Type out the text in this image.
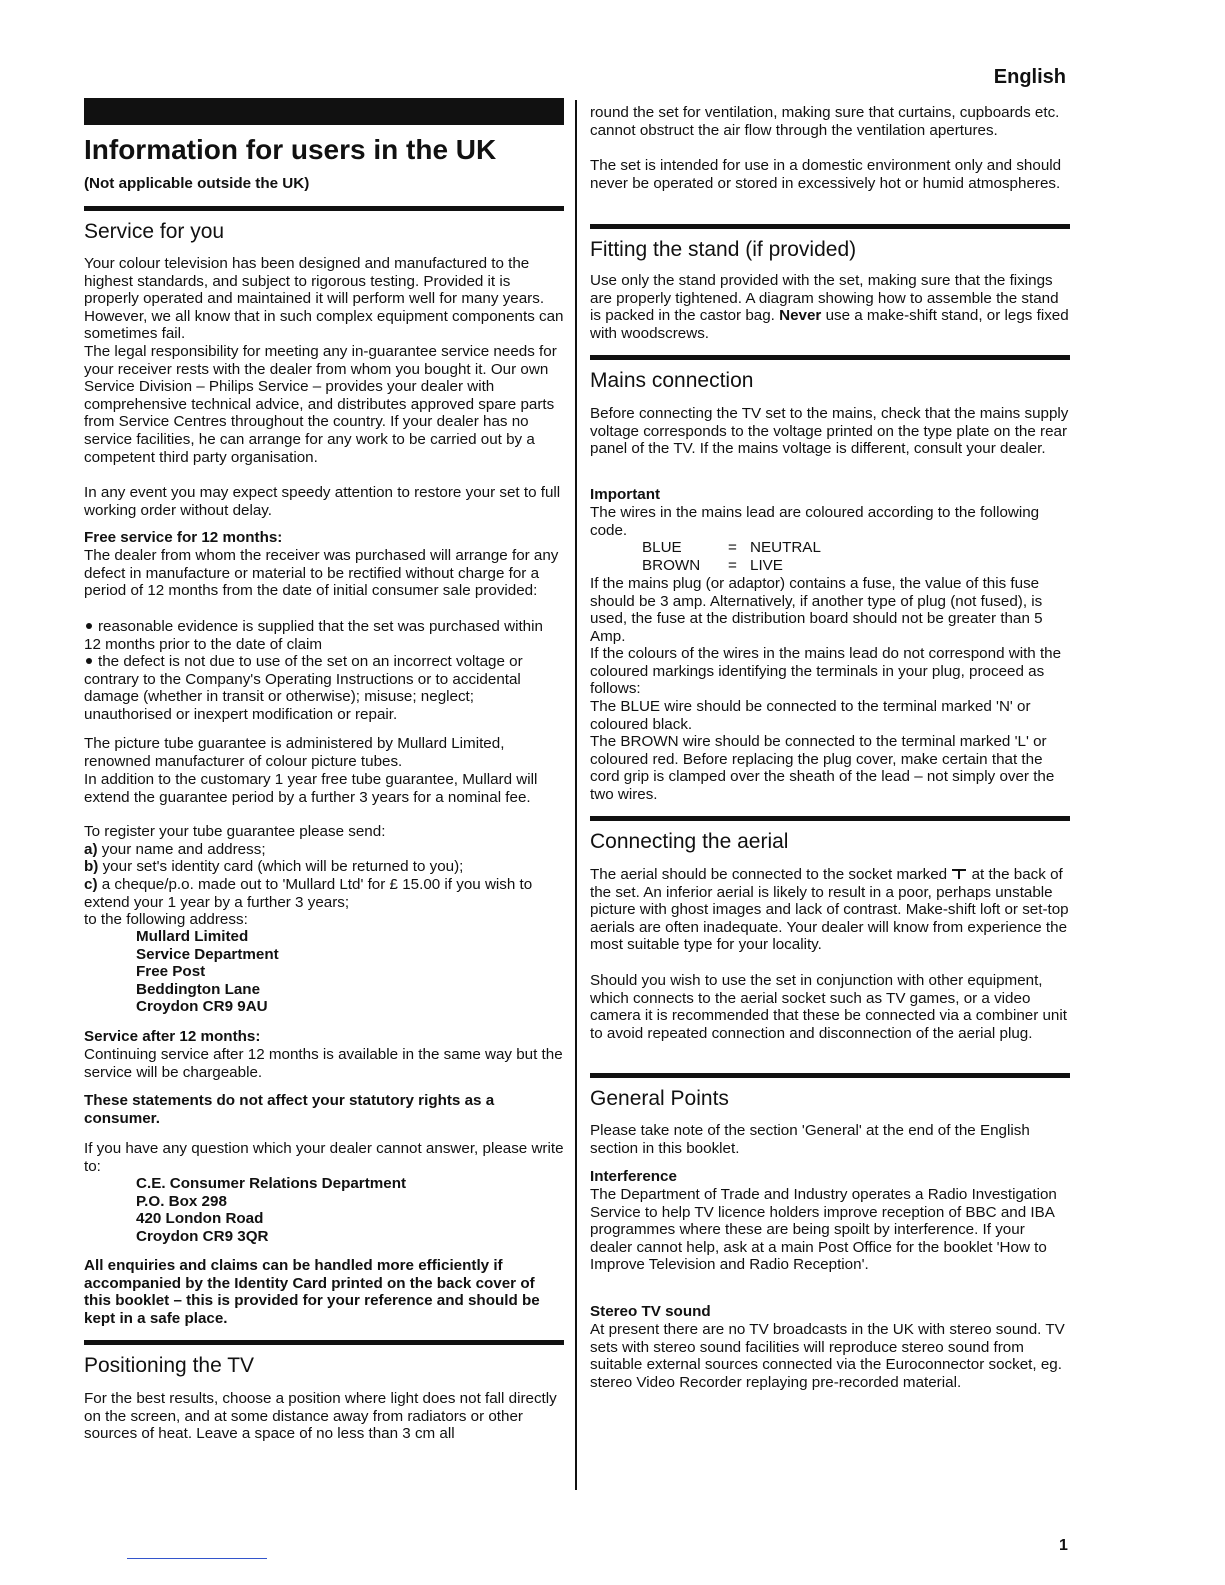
English
Information for users in the UK
(Not applicable outside the UK)
Service for you
Your colour television has been designed and manufactured to the highest standards, and subject to rigorous testing. Provided it is properly operated and maintained it will perform well for many years. However, we all know that in such complex equipment components can sometimes fail.
The legal responsibility for meeting any in-guarantee service needs for your receiver rests with the dealer from whom you bought it. Our own Service Division – Philips Service – provides your dealer with comprehensive technical advice, and distributes approved spare parts from Service Centres throughout the country. If your dealer has no service facilities, he can arrange for any work to be carried out by a competent third party organisation.
In any event you may expect speedy attention to restore your set to full working order without delay.
Free service for 12 months:
The dealer from whom the receiver was purchased will arrange for any defect in manufacture or material to be rectified without charge for a period of 12 months from the date of initial consumer sale provided:
reasonable evidence is supplied that the set was purchased within 12 months prior to the date of claim
the defect is not due to use of the set on an incorrect voltage or contrary to the Company's Operating Instructions or to accidental damage (whether in transit or otherwise); misuse; neglect; unauthorised or inexpert modification or repair.
The picture tube guarantee is administered by Mullard Limited, renowned manufacturer of colour picture tubes.
In addition to the customary 1 year free tube guarantee, Mullard will extend the guarantee period by a further 3 years for a nominal fee.
To register your tube guarantee please send:
a) your name and address;
b) your set's identity card (which will be returned to you);
c) a cheque/p.o. made out to 'Mullard Ltd' for £ 15.00 if you wish to extend your 1 year by a further 3 years;
to the following address:
Mullard Limited
Service Department
Free Post
Beddington Lane
Croydon CR9 9AU
Service after 12 months:
Continuing service after 12 months is available in the same way but the service will be chargeable.
These statements do not affect your statutory rights as a consumer.
If you have any question which your dealer cannot answer, please write to:
C.E. Consumer Relations Department
P.O. Box 298
420 London Road
Croydon CR9 3QR
All enquiries and claims can be handled more efficiently if accompanied by the Identity Card printed on the back cover of this booklet – this is provided for your reference and should be kept in a safe place.
Positioning the TV
For the best results, choose a position where light does not fall directly on the screen, and at some distance away from radiators or other sources of heat. Leave a space of no less than 3 cm all
round the set for ventilation, making sure that curtains, cupboards etc. cannot obstruct the air flow through the ventilation apertures.
The set is intended for use in a domestic environment only and should never be operated or stored in excessively hot or humid atmospheres.
Fitting the stand (if provided)
Use only the stand provided with the set, making sure that the fixings are properly tightened. A diagram showing how to assemble the stand is packed in the castor bag. Never use a make-shift stand, or legs fixed with woodscrews.
Mains connection
Before connecting the TV set to the mains, check that the mains supply voltage corresponds to the voltage printed on the type plate on the rear panel of the TV. If the mains voltage is different, consult your dealer.
Important
The wires in the mains lead are coloured according to the following code.
BLUE	=	NEUTRAL
BROWN	=	LIVE
If the mains plug (or adaptor) contains a fuse, the value of this fuse should be 3 amp. Alternatively, if another type of plug (not fused), is used, the fuse at the distribution board should not be greater than 5 Amp.
If the colours of the wires in the mains lead do not correspond with the coloured markings identifying the terminals in your plug, proceed as follows:
The BLUE wire should be connected to the terminal marked 'N' or coloured black.
The BROWN wire should be connected to the terminal marked 'L' or coloured red. Before replacing the plug cover, make certain that the cord grip is clamped over the sheath of the lead – not simply over the two wires.
Connecting the aerial
The aerial should be connected to the socket marked  at the back of the set. An inferior aerial is likely to result in a poor, perhaps unstable picture with ghost images and lack of contrast. Make-shift loft or set-top aerials are often inadequate. Your dealer will know from experience the most suitable type for your locality.
Should you wish to use the set in conjunction with other equipment, which connects to the aerial socket such as TV games, or a video camera it is recommended that these be connected via a combiner unit to avoid repeated connection and disconnection of the aerial plug.
General Points
Please take note of the section 'General' at the end of the English section in this booklet.
Interference
The Department of Trade and Industry operates a Radio Investigation Service to help TV licence holders improve reception of BBC and IBA programmes where these are being spoilt by interference. If your dealer cannot help, ask at a main Post Office for the booklet 'How to Improve Television and Radio Reception'.
Stereo TV sound
At present there are no TV broadcasts in the UK with stereo sound. TV sets with stereo sound facilities will reproduce stereo sound from suitable external sources connected via the Euroconnector socket, eg. stereo Video Recorder replaying pre-recorded material.
1
